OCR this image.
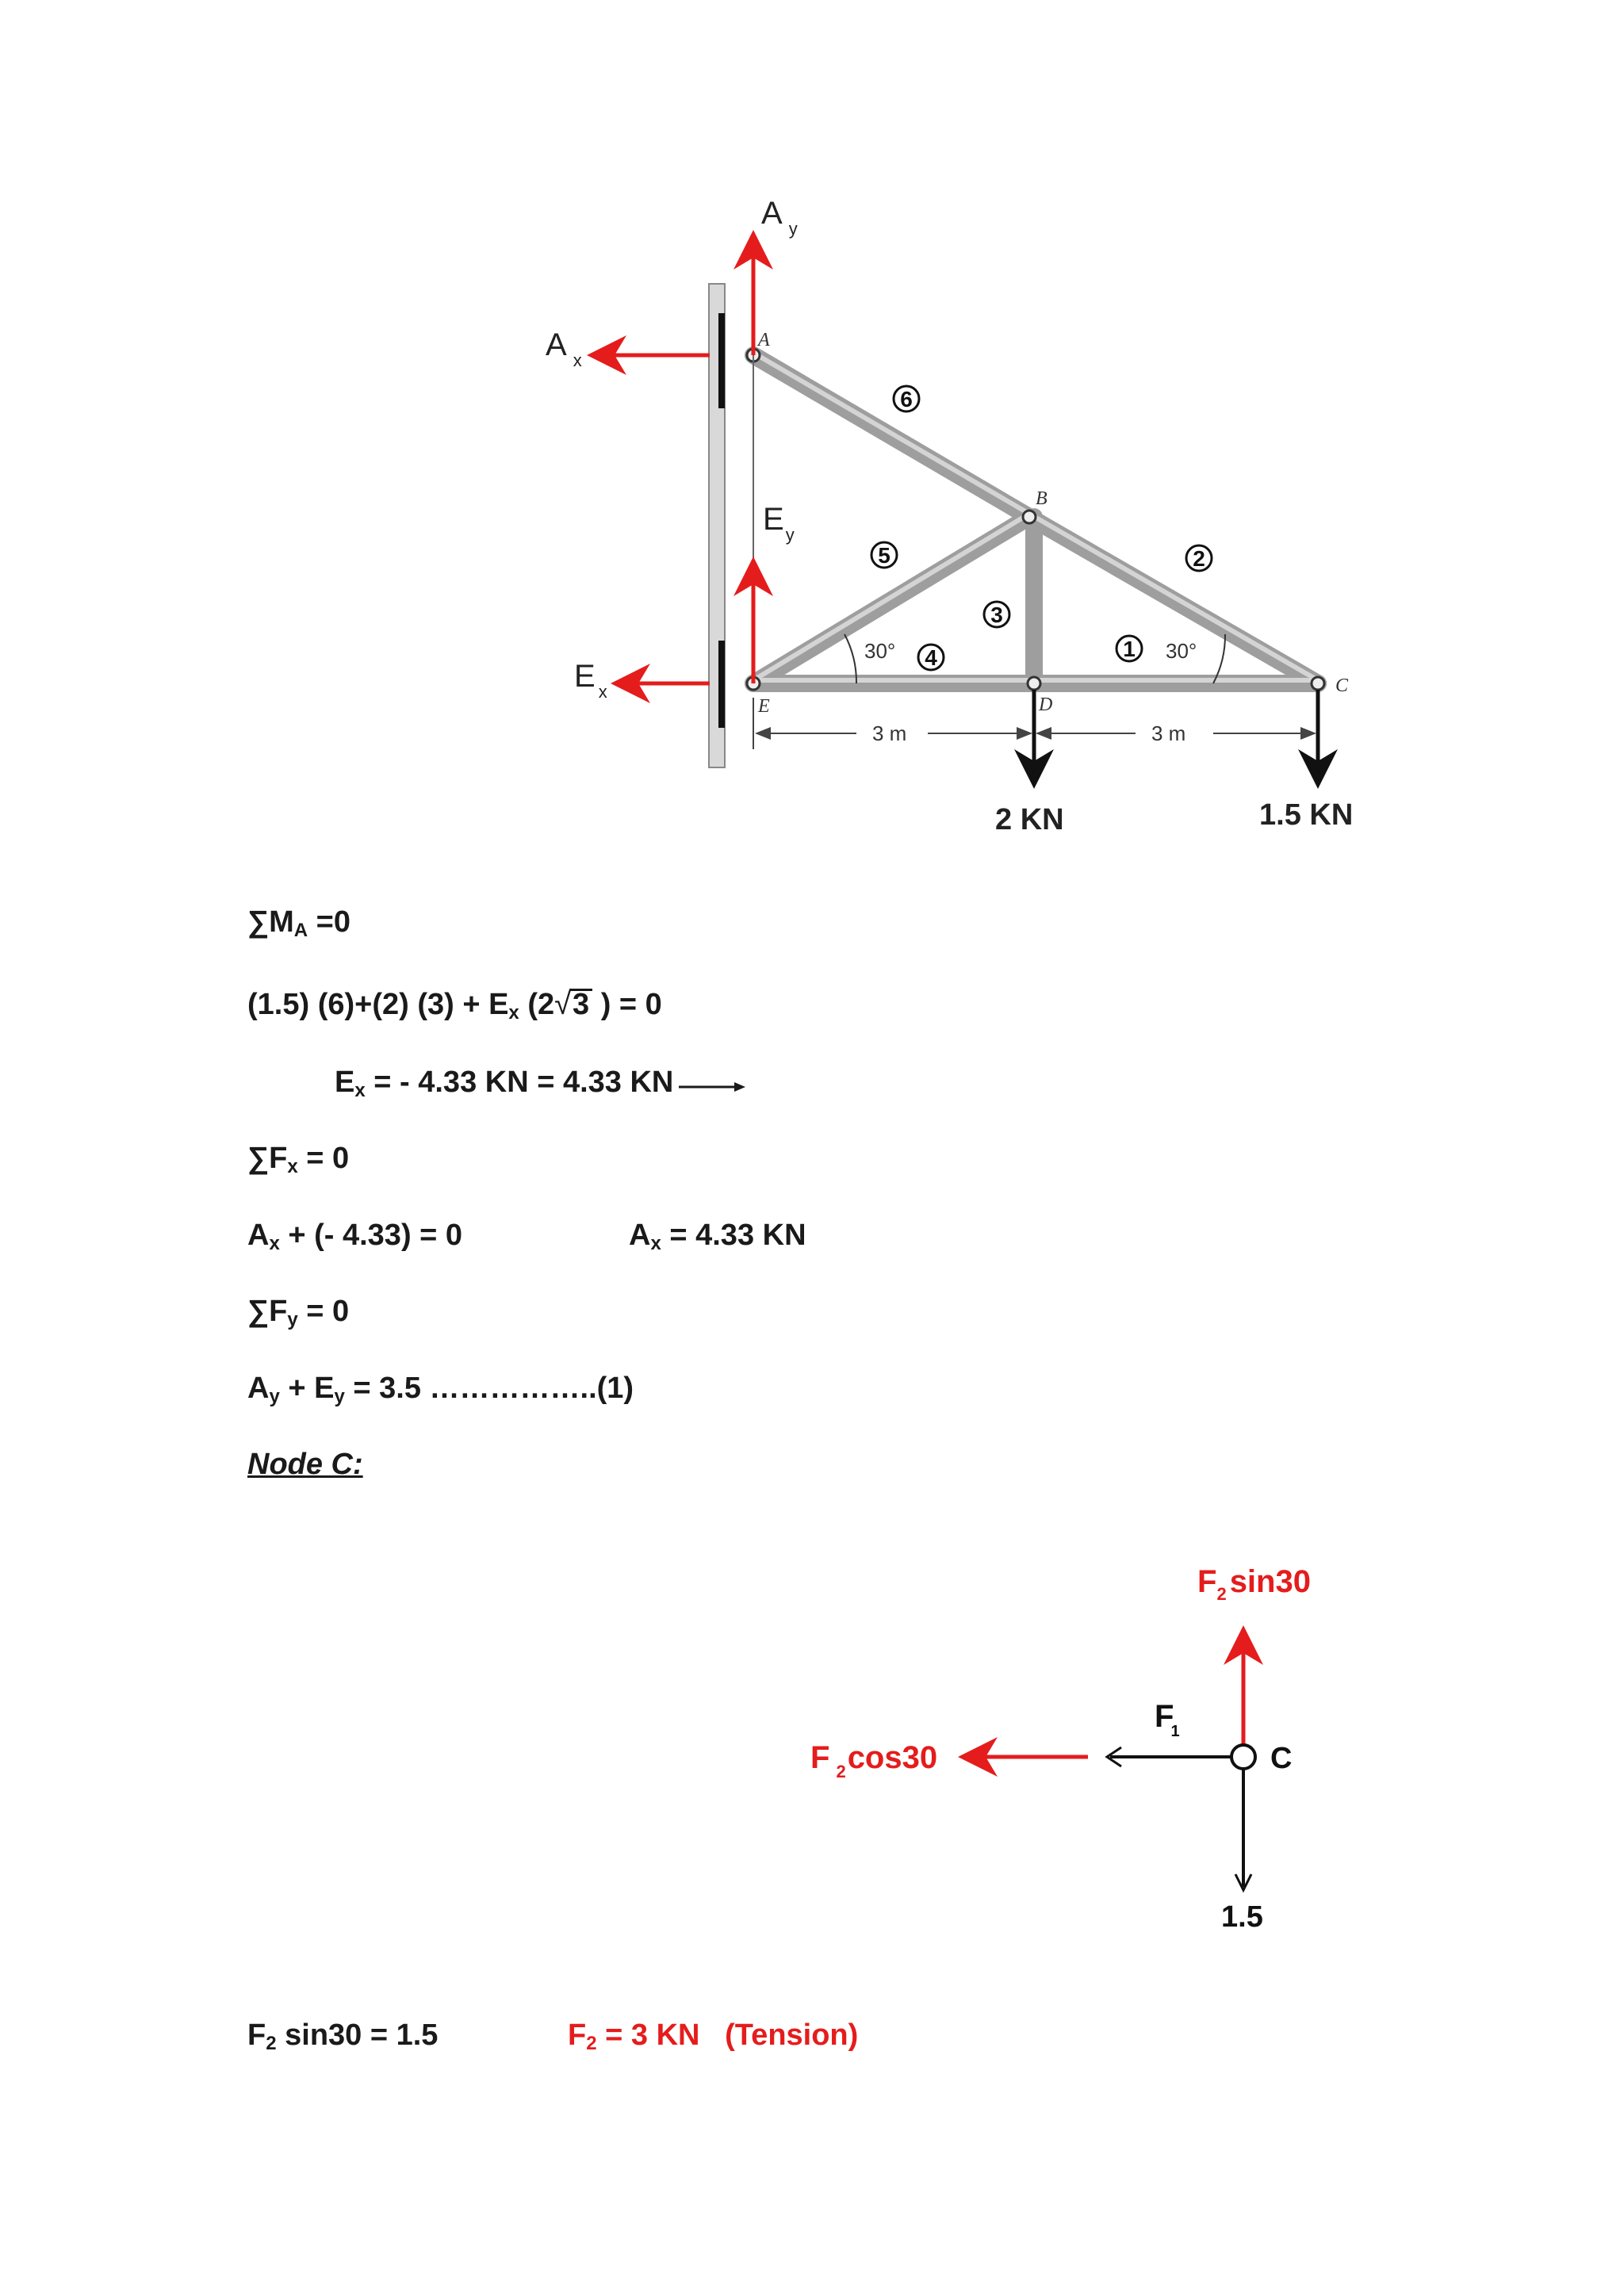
A
B
C
D
E
6
5
3
4	1
2
30°	30°
3 m	3 m
A $_y$
A $_x$
$E_y$
E $_x$
2 KN	1.5 KN
$\sum M_A =0$
(1.5) (6)+(2) $(3) + E_x$ (2√3 ) = 0
$E_x$ = - 4.33 KN = 4.33 KN
$\sum F_x = 0$
$A_x$ + (- 4.33) = 0	$A_x = 4.33$ KN
$\sum F_y = 0$
$A_y + E_y = 3.5$ ……………..(1)
Node C:
$F_2$ sin30
F $_2$cos30
F1
C
1.5
$F_2$ sin30 = 1.5	$F_2 = 3$ KN   (Tension)
